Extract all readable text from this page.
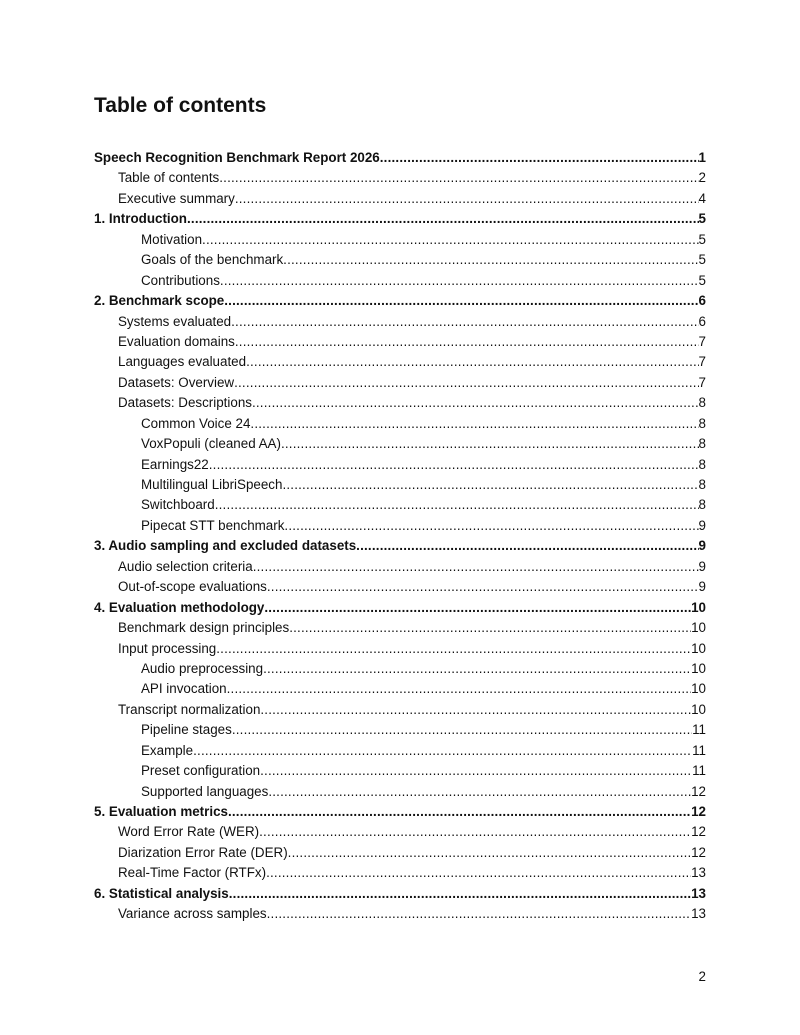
Table of contents
Speech Recognition Benchmark Report 2026 .....	1
Table of contents .....	2
Executive summary .....	4
1. Introduction .....	5
Motivation .....	5
Goals of the benchmark .....	5
Contributions .....	5
2. Benchmark scope .....	6
Systems evaluated .....	6
Evaluation domains .....	7
Languages evaluated .....	7
Datasets: Overview .....	7
Datasets: Descriptions .....	8
Common Voice 24 .....	8
VoxPopuli (cleaned AA) .....	8
Earnings22 .....	8
Multilingual LibriSpeech .....	8
Switchboard .....	8
Pipecat STT benchmark .....	9
3. Audio sampling and excluded datasets .....	9
Audio selection criteria .....	9
Out-of-scope evaluations .....	9
4. Evaluation methodology .....	10
Benchmark design principles .....	10
Input processing .....	10
Audio preprocessing .....	10
API invocation .....	10
Transcript normalization .....	10
Pipeline stages .....	11
Example .....	11
Preset configuration .....	11
Supported languages .....	12
5. Evaluation metrics .....	12
Word Error Rate (WER) .....	12
Diarization Error Rate (DER) .....	12
Real-Time Factor (RTFx) .....	13
6. Statistical analysis .....	13
Variance across samples .....	13
2
